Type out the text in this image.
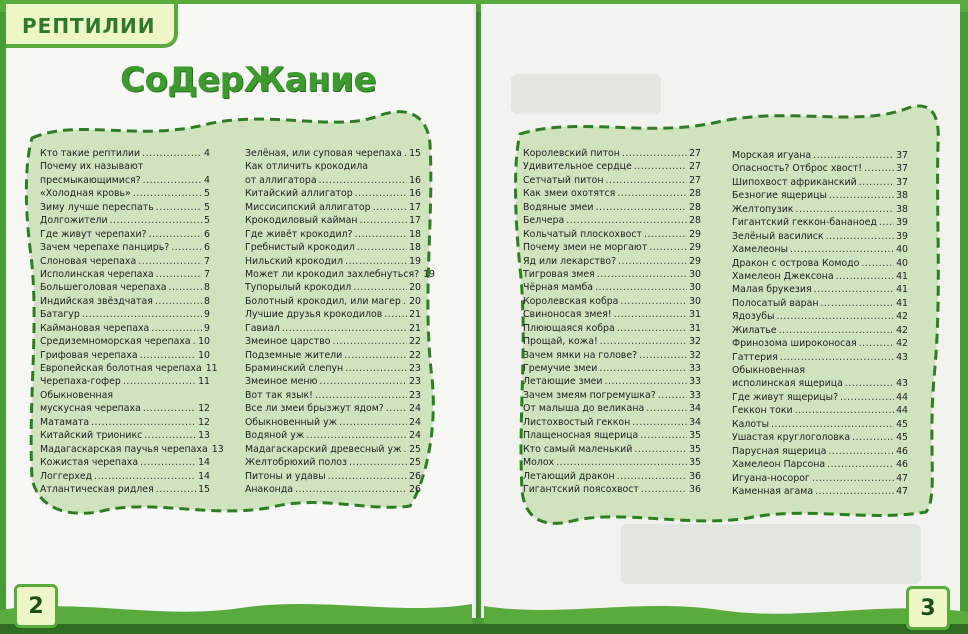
РЕПТИЛИИ
СоДерЖание
Кто такие рептилии .....	4
Почему их называют
пресмыкающимися? .....	4
«Холодная кровь» .....	5
Зиму лучше переспать .....	5
Долгожители .....	5
Где живут черепахи? .....	6
Зачем черепахе панцирь? .....	6
Слоновая черепаха .....	7
Исполинская черепаха .....	7
Большеголовая черепаха .....	8
Индийская звёздчатая .....	8
Батагур .....	9
Каймановая черепаха .....	9
Средиземноморская черепаха ..... 10
Грифовая черепаха .....	10
Европейская болотная черепаха 11
Черепаха-гофер .....	11
Обыкновенная
мускусная черепаха .....	12
Матамата .....	12
Китайский трионикс .....	13
Мадагаскарская паучья черепаха 13
Кожистая черепаха .....	14
Логгерхед .....	14
Атлантическая ридлея .....	15
Зелёная, или суповая черепаха ..... 15
Как отличить крокодила
от аллигатора .....	16
Китайский аллигатор .....	16
Миссисипский аллигатор .....	17
Крокодиловый кайман .....	17
Где живёт крокодил? .....	18
Гребнистый крокодил .....	18
Нильский крокодил .....	19
Может ли крокодил захлебнуться? 19
Тупорылый крокодил .....	20
Болотный крокодил, или магер ..... 20
Лучшие друзья крокодилов .....	21
Гавиал .....	21
Змеиное царство .....	22
Подземные жители .....	22
Браминский слепун .....	23
Змеиное меню .....	23
Вот так язык! .....	23
Все ли змеи брызжут ядом? .....	24
Обыкновенный уж .....	24
Водяной уж .....	24
Мадагаскарский древесный уж ..... 25
Желтобрюхий полоз .....	25
Питоны и удавы .....	26
Анаконда .....	26
Королевский питон .....	27
Удивительное сердце .....	27
Сетчатый питон .....	27
Как змеи охотятся .....	28
Водяные змеи .....	28
Белчера .....	28
Кольчатый плоскохвост .....	29
Почему змеи не моргают .....	29
Яд или лекарство? .....	29
Тигровая змея .....	30
Чёрная мамба .....	30
Королевская кобра .....	30
Свиноносая змея! .....	31
Плюющаяся кобра .....	31
Прощай, кожа! .....	32
Зачем ямки на голове? .....	32
Гремучие змеи .....	33
Летающие змеи .....	33
Зачем змеям погремушка? .....	33
От малыша до великана .....	34
Листохвостый геккон .....	34
Плащеносная ящерица .....	35
Кто самый маленький .....	35
Молох .....	35
Летающий дракон .....	36
Гигантский поясохвост .....	36
Морская игуана .....	37
Опасность? Отброс хвост! .....	37
Шипохвост африканский .....	37
Безногие ящерицы .....	38
Желтопузик .....	38
Гигантский геккон-бананоед ..... 39
Зелёный василиск .....	39
Хамелеоны .....	40
Дракон с острова Комодо .....	40
Хамелеон Джексона .....	41
Малая брукезия .....	41
Полосатый варан .....	41
Ядозубы .....	42
Жилатье .....	42
Фринозома широконосая .....	42
Гаттерия .....	43
Обыкновенная
исполинская ящерица .....	43
Где живут ящерицы? .....	44
Геккон токи .....	44
Калоты .....	45
Ушастая круглоголовка .....	45
Парусная ящерица .....	46
Хамелеон Парсона .....	46
Игуана-носорог .....	47
Каменная агама .....	47
2	3
